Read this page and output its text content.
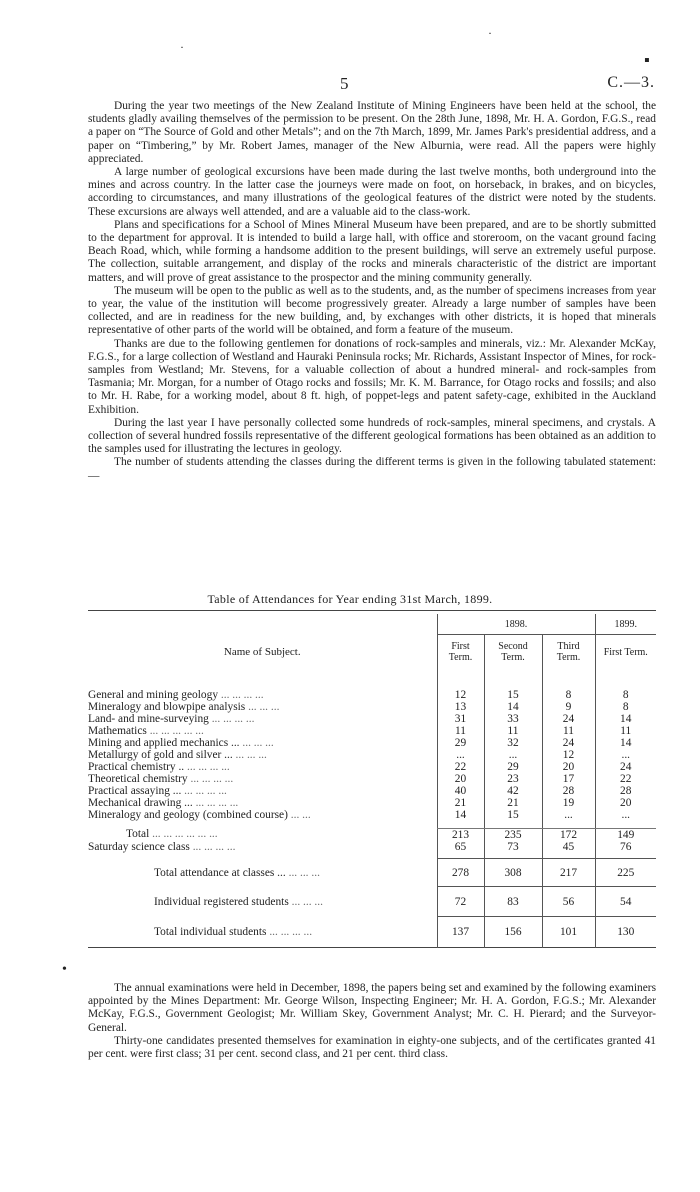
·
·
▪
5	C.—3.

During the year two meetings of the New Zealand Institute of Mining Engineers have been held at the school, the students gladly availing themselves of the permission to be present. On the 28th June, 1898, Mr. H. A. Gordon, F.G.S., read a paper on “The Source of Gold and other Metals”; and on the 7th March, 1899, Mr. James Park's presidential address, and a paper on “Timbering,” by Mr. Robert James, manager of the New Alburnia, were read. All the papers were highly appreciated.

A large number of geological excursions have been made during the last twelve months, both underground into the mines and across country. In the latter case the journeys were made on foot, on horseback, in brakes, and on bicycles, according to circumstances, and many illustrations of the geological features of the district were noted by the students. These excursions are always well attended, and are a valuable aid to the class-work.

Plans and specifications for a School of Mines Mineral Museum have been prepared, and are to be shortly submitted to the department for approval. It is intended to build a large hall, with office and storeroom, on the vacant ground facing Beach Road, which, while forming a handsome addition to the present buildings, will serve an extremely useful purpose. The collection, suitable arrangement, and display of the rocks and minerals characteristic of the district are important matters, and will prove of great assistance to the prospector and the mining community generally.

The museum will be open to the public as well as to the students, and, as the number of specimens increases from year to year, the value of the institution will become progressively greater. Already a large number of samples have been collected, and are in readiness for the new building, and, by exchanges with other districts, it is hoped that minerals representative of other parts of the world will be obtained, and form a feature of the museum.

Thanks are due to the following gentlemen for donations of rock-samples and minerals, viz.: Mr. Alexander McKay, F.G.S., for a large collection of Westland and Hauraki Peninsula rocks; Mr. Richards, Assistant Inspector of Mines, for rock-samples from Westland; Mr. Stevens, for a valuable collection of about a hundred mineral- and rock-samples from Tasmania; Mr. Morgan, for a number of Otago rocks and fossils; Mr. K. M. Barrance, for Otago rocks and fossils; and also to Mr. H. Rabe, for a working model, about 8 ft. high, of poppet-legs and patent safety-cage, exhibited in the Auckland Exhibition.

During the last year I have personally collected some hundreds of rock-samples, mineral specimens, and crystals. A collection of several hundred fossils representative of the different geological formations has been obtained as an addition to the samples used for illustrating the lectures in geology.

The number of students attending the classes during the different terms is given in the following tabulated statement:—

Table of Attendances for Year ending 31st March, 1899.

Name of Subject.	1898.			1899.
	First Term.	Second Term.	Third Term.	First Term.

General and mining geology ... ... ... ...	12	15	8	8
Mineralogy and blowpipe analysis ... ... ...	13	14	9	8
Land- and mine-surveying ... ... ... ...	31	33	24	14
Mathematics ... ... ... ... ...	11	11	11	11
Mining and applied mechanics ... ... ... ...	29	32	24	14
Metallurgy of gold and silver ... ... ... ...	...	...	12	...
Practical chemistry .. ... ... ... ...	22	29	20	24
Theoretical chemistry ... ... ... ...	20	23	17	22
Practical assaying ... ... ... ... ...	40	42	28	28
Mechanical drawing ... ... ... ... ...	21	21	19	20
Mineralogy and geology (combined course) ... ...	14	15	...	...

Total ... ... ... ... ... ...	213	235	172	149
Saturday science class ... ... ... ...	65	73	45	76

Total attendance at classes ... ... ... ...	278	308	217	225
Individual registered students ... ... ...	72	83	56	54
Total individual students ... ... ... ...	137	156	101	130

•

The annual examinations were held in December, 1898, the papers being set and examined by the following examiners appointed by the Mines Department: Mr. George Wilson, Inspecting Engineer; Mr. H. A. Gordon, F.G.S.; Mr. Alexander McKay, F.G.S., Government Geologist; Mr. William Skey, Government Analyst; Mr. C. H. Pierard; and the Surveyor-General.

Thirty-one candidates presented themselves for examination in eighty-one subjects, and of the certificates granted 41 per cent. were first class; 31 per cent. second class, and 21 per cent. third class.
